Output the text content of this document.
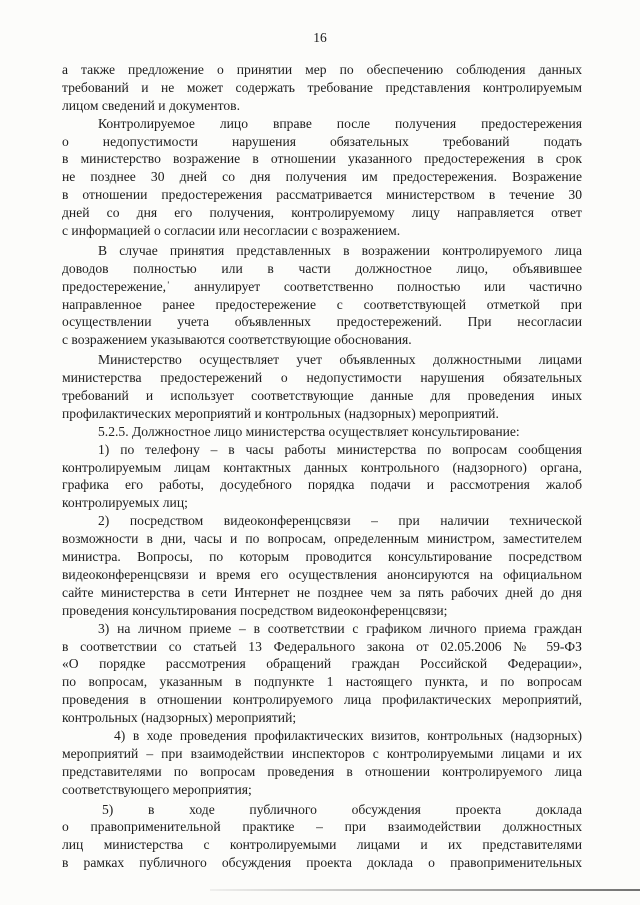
16
а также предложение о принятии мер по обеспечению соблюдения данных
требований и не может содержать требование представления контролируемым
лицом сведений и документов.
Контролируемое лицо вправе после получения предостережения
о недопустимости нарушения обязательных требований подать
в министерство возражение в отношении указанного предостережения в срок
не позднее 30 дней со дня получения им предостережения. Возражение
в отношении предостережения рассматривается министерством в течение 30
дней со дня его получения, контролируемому лицу направляется ответ
с информацией о согласии или несогласии с возражением.
В случае принятия представленных в возражении контролируемого лица
доводов полностью или в части должностное лицо, объявившее
предостережение,ˈ аннулирует соответственно полностью или частично
направленное ранее предостережение с соответствующей отметкой при
осуществлении учета объявленных предостережений. При несогласии
с возражением указываются соответствующие обоснования.
Министерство осуществляет учет объявленных должностными лицами
министерства предостережений о недопустимости нарушения обязательных
требований и использует соответствующие данные для проведения иных
профилактических мероприятий и контрольных (надзорных) мероприятий.
5.2.5. Должностное лицо министерства осуществляет консультирование:
1) по телефону – в часы работы министерства по вопросам сообщения
контролируемым лицам контактных данных контрольного (надзорного) органа,
графика его работы, досудебного порядка подачи и рассмотрения жалоб
контролируемых лиц;
2) посредством видеоконференцсвязи – при наличии технической
возможности в дни, часы и по вопросам, определенным министром, заместителем
министра. Вопросы, по которым проводится консультирование посредством
видеоконференцсвязи и время его осуществления анонсируются на официальном
сайте министерства в сети Интернет не позднее чем за пять рабочих дней до дня
проведения консультирования посредством видеоконференцсвязи;
3) на личном приеме – в соответствии с графиком личного приема граждан
в соответствии со статьей 13 Федерального закона от 02.05.2006 № 59-ФЗ
«О порядке рассмотрения обращений граждан Российской Федерации»,
по вопросам, указанным в подпункте 1 настоящего пункта, и по вопросам
проведения в отношении контролируемого лица профилактических мероприятий,
контрольных (надзорных) мероприятий;
4) в ходе проведения профилактических визитов, контрольных (надзорных)
мероприятий – при взаимодействии инспекторов с контролируемыми лицами и их
представителями по вопросам проведения в отношении контролируемого лица
соответствующего мероприятия;
5) в ходе публичного обсуждения проекта доклада
о правоприменительной практике – при взаимодействии должностных
лиц министерства с контролируемыми лицами и их представителями
в рамках публичного обсуждения проекта доклада о правоприменительных
